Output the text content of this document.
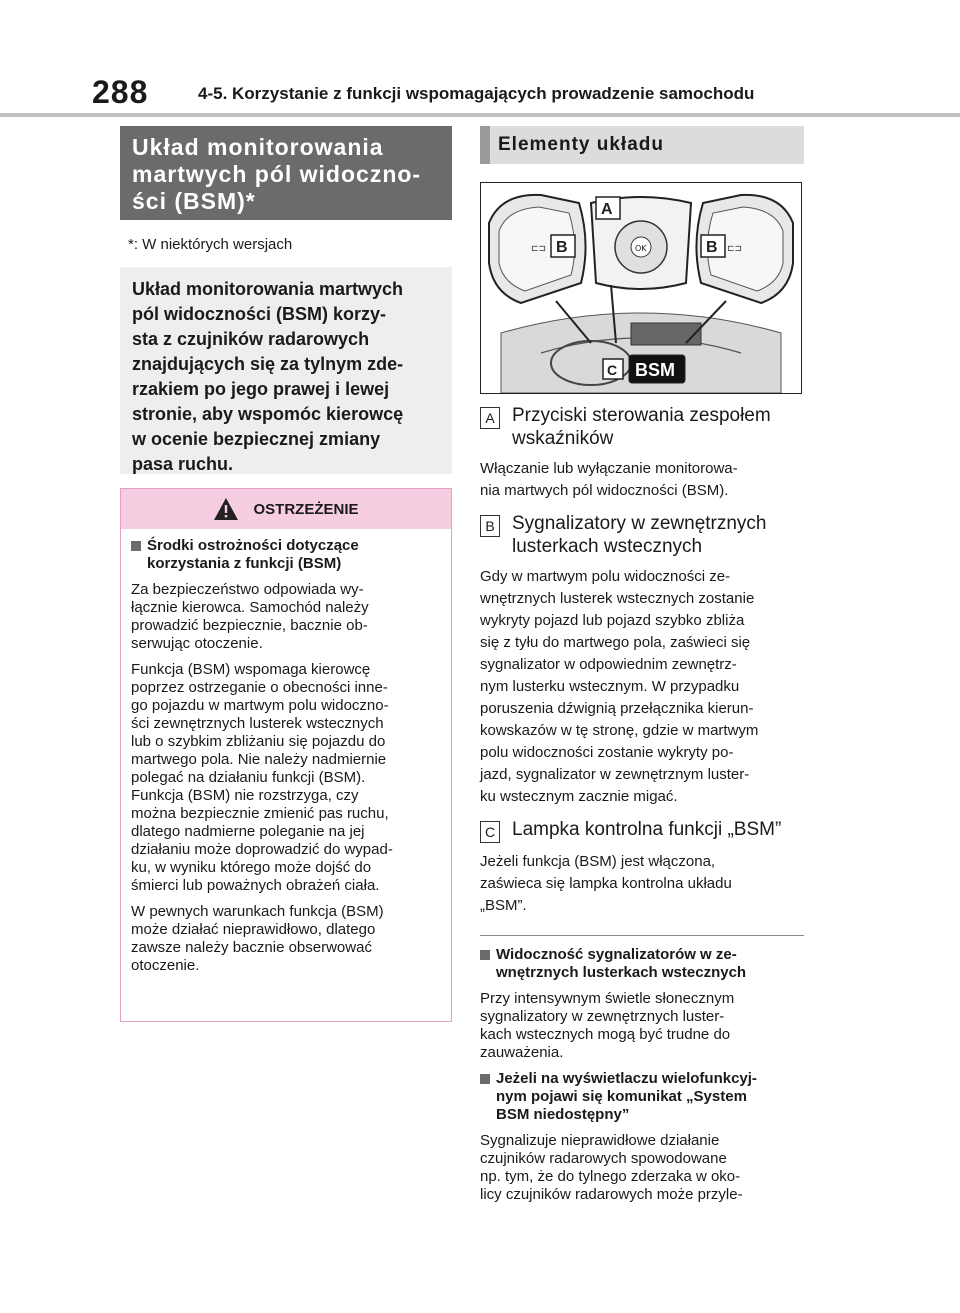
288	4-5. Korzystanie z funkcji wspomagających prowadzenie samochodu
Układ monitorowania
martwych pól widoczno-
ści (BSM)*
*: W niektórych wersjach
Układ monitorowania martwych
pól widoczności (BSM) korzy-
sta z czujników radarowych
znajdujących się za tylnym zde-
rzakiem po jego prawej i lewej
stronie, aby wspomóc kierowcę
w ocenie bezpiecznej zmiany
pasa ruchu.
OSTRZEŻENIE
Środki ostrożności dotyczące
korzystania z funkcji (BSM)

Za bezpieczeństwo odpowiada wy-
łącznie kierowca. Samochód należy
prowadzić bezpiecznie, bacznie ob-
serwując otoczenie.

Funkcja (BSM) wspomaga kierowcę
poprzez ostrzeganie o obecności inne-
go pojazdu w martwym polu widoczno-
ści zewnętrznych lusterek wstecznych
lub o szybkim zbliżaniu się pojazdu do
martwego pola. Nie należy nadmiernie
polegać na działaniu funkcji (BSM).
Funkcja (BSM) nie rozstrzyga, czy
można bezpiecznie zmienić pas ruchu,
dlatego nadmierne poleganie na jej
działaniu może doprowadzić do wypad-
ku, w wyniku którego może dojść do
śmierci lub poważnych obrażeń ciała.

W pewnych warunkach funkcja (BSM)
może działać nieprawidłowo, dlatego
zawsze należy bacznie obserwować
otoczenie.

Elementy układu
⊏⊐	⊏⊐
OK
A
B	B
C BSM
A Przyciski sterowania zespołem
wskaźników
Włączanie lub wyłączanie monitorowa-
nia martwych pól widoczności (BSM).
B Sygnalizatory w zewnętrznych
lusterkach wstecznych
Gdy w martwym polu widoczności ze-
wnętrznych lusterek wstecznych zostanie
wykryty pojazd lub pojazd szybko zbliża
się z tyłu do martwego pola, zaświeci się
sygnalizator w odpowiednim zewnętrz-
nym lusterku wstecznym. W przypadku
poruszenia dźwignią przełącznika kierun-
kowskazów w tę stronę, gdzie w martwym
polu widoczności zostanie wykryty po-
jazd, sygnalizator w zewnętrznym luster-
ku wstecznym zacznie migać.
C Lampka kontrolna funkcji „BSM”
Jeżeli funkcja (BSM) jest włączona,
zaświeca się lampka kontrolna układu
„BSM”.
Widoczność sygnalizatorów w ze-
wnętrznych lusterkach wstecznych
Przy intensywnym świetle słonecznym
sygnalizatory w zewnętrznych luster-
kach wstecznych mogą być trudne do
zauważenia.
Jeżeli na wyświetlaczu wielofunkcyj-
nym pojawi się komunikat „System
BSM niedostępny”
Sygnalizuje nieprawidłowe działanie
czujników radarowych spowodowane
np. tym, że do tylnego zderzaka w oko-
licy czujników radarowych może przyle-
